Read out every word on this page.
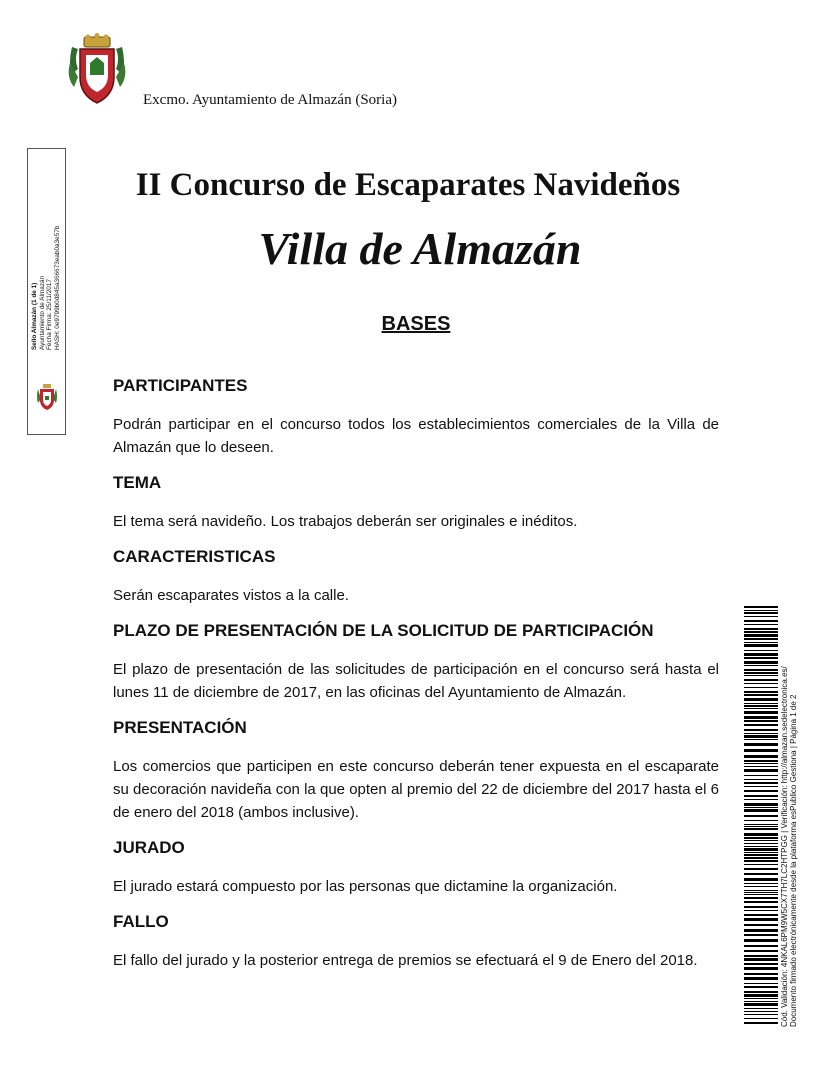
Excmo. Ayuntamiento de Almazán (Soria)
Sello Almazán (1 de 1) Ayuntamiento de Almazán Fecha Firma: 25/11/2017 HASH: 0e9799b0d845a366673eab0a3e57b
II Concurso de Escaparates Navideños
Villa de Almazán
BASES
PARTICIPANTES

Podrán participar en el concurso todos los establecimientos comerciales de la Villa de Almazán que lo deseen.

TEMA

El tema será navideño. Los trabajos deberán ser originales e inéditos.

CARACTERISTICAS

Serán escaparates vistos a la calle.

PLAZO DE PRESENTACIÓN DE LA SOLICITUD DE PARTICIPACIÓN

El plazo de presentación de las solicitudes de participación en el concurso será hasta el lunes 11 de diciembre de 2017, en las oficinas del Ayuntamiento de Almazán.

PRESENTACIÓN

Los comercios que participen en este concurso deberán tener expuesta en el escaparate su decoración navideña con la que opten al premio del 22 de diciembre del 2017 hasta el 6 de enero del 2018 (ambos inclusive).

JURADO

El jurado estará compuesto por las personas que dictamine la organización.

FALLO

El fallo del jurado y la posterior entrega de premios se efectuará el 9 de Enero del 2018.	Cód. Validación: 4NKAL6PM9W5CX7TH7LC2HTPGG | Verificación: http://almazan.sedelectronica.es/ Documento firmado electrónicamente desde la plataforma esPublico Gestiona | Página 1 de 2
